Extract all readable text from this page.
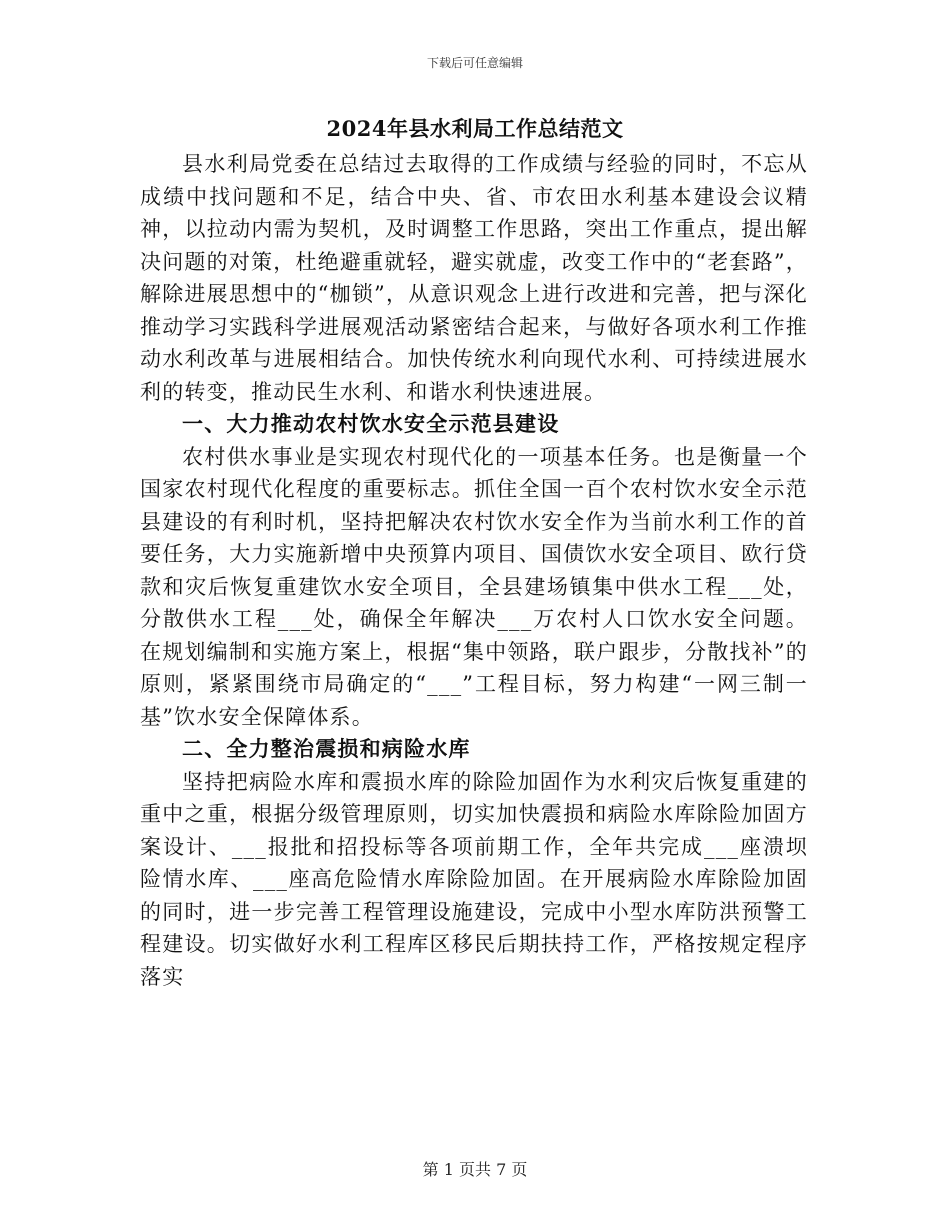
下载后可任意编辑
2024年县水利局工作总结范文

县水利局党委在总结过去取得的工作成绩与经验的同时，不忘从成绩中找问题和不足，结合中央、省、市农田水利基本建设会议精神，以拉动内需为契机，及时调整工作思路，突出工作重点，提出解决问题的对策，杜绝避重就轻，避实就虚，改变工作中的“老套路”，解除进展思想中的“枷锁”，从意识观念上进行改进和完善，把与深化推动学习实践科学进展观活动紧密结合起来，与做好各项水利工作推动水利改革与进展相结合。加快传统水利向现代水利、可持续进展水利的转变，推动民生水利、和谐水利快速进展。

一、大力推动农村饮水安全示范县建设

农村供水事业是实现农村现代化的一项基本任务。也是衡量一个国家农村现代化程度的重要标志。抓住全国一百个农村饮水安全示范县建设的有利时机，坚持把解决农村饮水安全作为当前水利工作的首要任务，大力实施新增中央预算内项目、国债饮水安全项目、欧行贷款和灾后恢复重建饮水安全项目，全县建场镇集中供水工程___处，分散供水工程___处，确保全年解决___万农村人口饮水安全问题。在规划编制和实施方案上，根据“集中领路，联户跟步，分散找补”的原则，紧紧围绕市局确定的“___”工程目标，努力构建“一网三制一基”饮水安全保障体系。

二、全力整治震损和病险水库

坚持把病险水库和震损水库的除险加固作为水利灾后恢复重建的重中之重，根据分级管理原则，切实加快震损和病险水库除险加固方案设计、___报批和招投标等各项前期工作，全年共完成___座溃坝险情水库、___座高危险情水库除险加固。在开展病险水库除险加固的同时，进一步完善工程管理设施建设，完成中小型水库防洪预警工程建设。切实做好水利工程库区移民后期扶持工作，严格按规定程序落实

第 1 页共 7 页
